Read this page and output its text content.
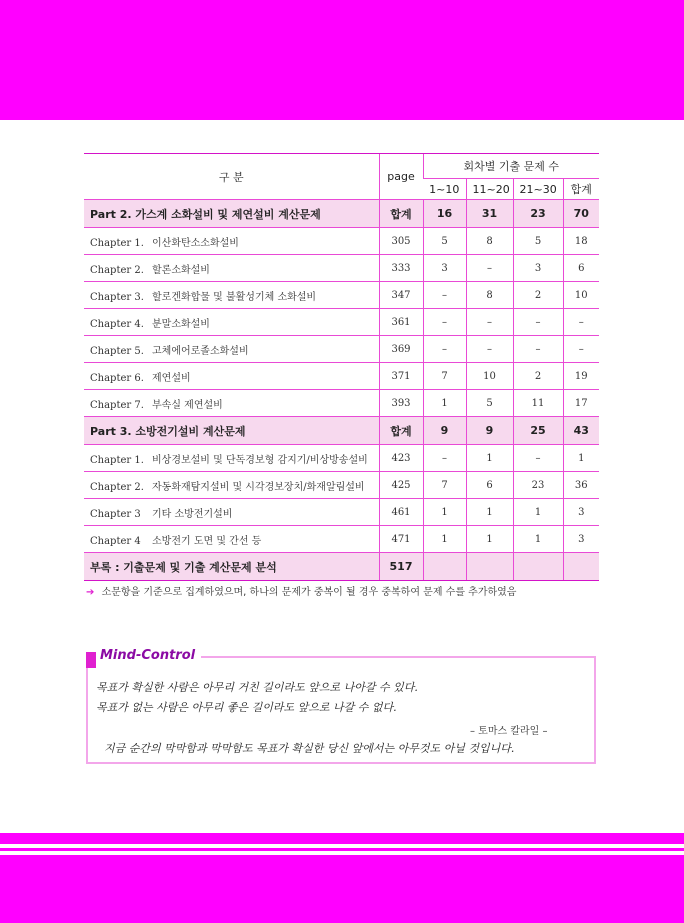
구 분	page	회차별 기출 문제 수			
		1~10	11~20	21~30	합계
Part 2. 가스계 소화설비 및 제연설비 계산문제	합계	16	31	23	70
Chapter 1. 이산화탄소소화설비	305	5	8	5	18
Chapter 2. 할론소화설비	333	3	–	3	6
Chapter 3. 할로겐화합물 및 불활성기체 소화설비	347	–	8	2	10
Chapter 4. 분말소화설비	361	–	–	–	–
Chapter 5. 고체에어로졸소화설비	369	–	–	–	–
Chapter 6. 제연설비	371	7	10	2	19
Chapter 7. 부속실 제연설비	393	1	5	11	17
Part 3. 소방전기설비 계산문제	합계	9	9	25	43
Chapter 1. 비상경보설비 및 단독경보형 감지기/비상방송설비	423	–	1	–	1
Chapter 2. 자동화재탐지설비 및 시각경보장치/화재알림설비	425	7	6	23	36
Chapter 3 기타 소방전기설비	461	1	1	1	3
Chapter 4 소방전기 도면 및 간선 등	471	1	1	1	3
부록 : 기출문제 및 기출 계산문제 분석	517				
➔ 소문항을 기준으로 집계하였으며, 하나의 문제가 중복이 될 경우 중복하여 문제 수를 추가하였음
Mind-Control
목표가 확실한 사람은 아무리 거친 길이라도 앞으로 나아갈 수 있다.
목표가 없는 사람은 아무리 좋은 길이라도 앞으로 나갈 수 없다.
– 토마스 칼라일 –
지금 순간의 막막함과 막막함도 목표가 확실한 당신 앞에서는 아무것도 아닐 것입니다.
